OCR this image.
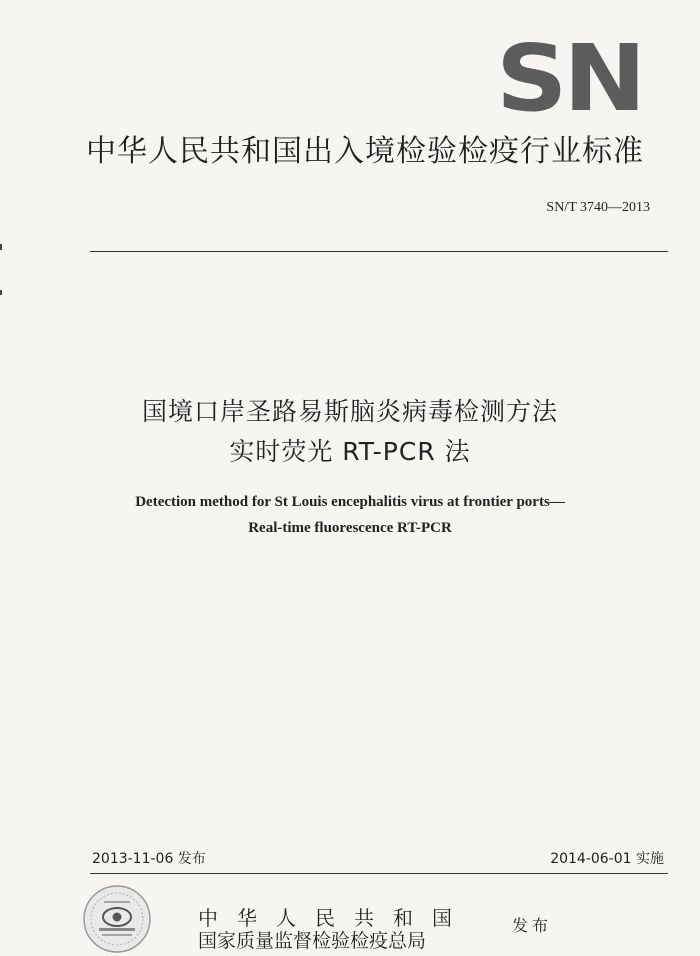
SN
中华人民共和国出入境检验检疫行业标准
SN/T 3740—2013
国境口岸圣路易斯脑炎病毒检测方法
实时荧光 RT-PCR 法
Detection method for St Louis encephalitis virus at frontier ports—
Real-time fluorescence RT-PCR
2013-11-06 发布	2014-06-01 实施
中华人民共和国
国家质量监督检验检疫总局
发布
